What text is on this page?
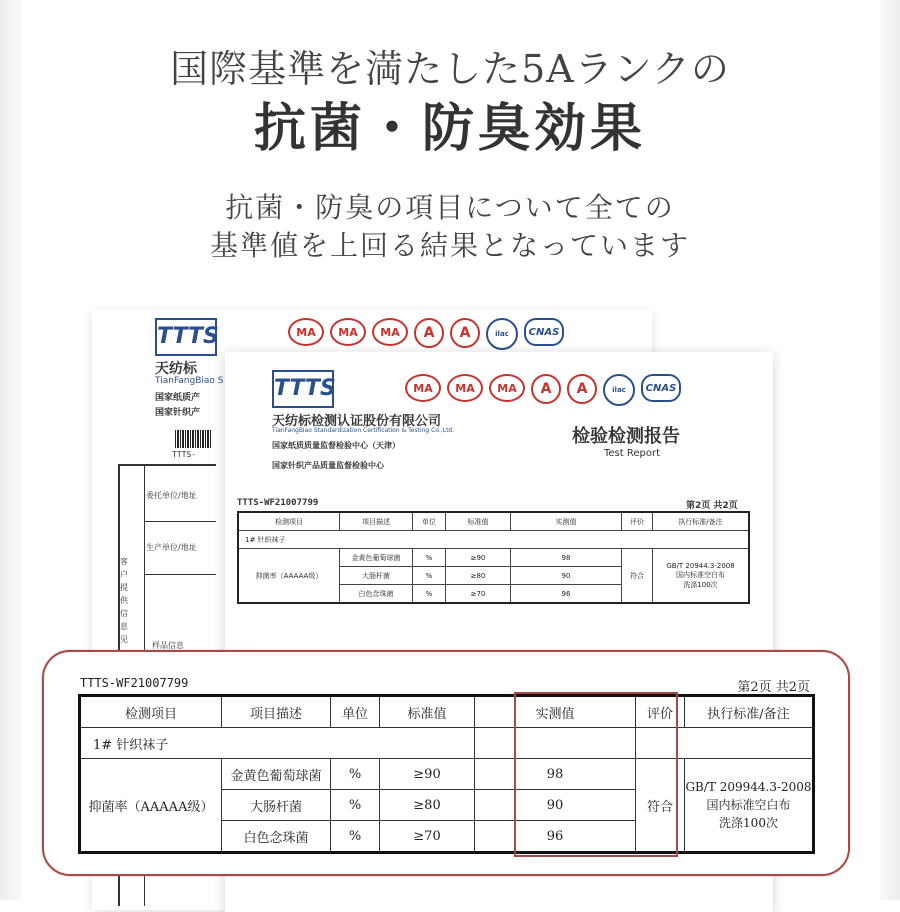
国際基準を満たした5Aランクの
抗菌・防臭効果
抗菌・防臭の項目について全ての
基準値を上回る結果となっています
TTTS
天纺标
TianFangBiao S
国家纸质产
国家针织产
TTTS-
委托单位/地址
生产单位/地址
样品信息
客户提供信息见
MA	MA	MA	A	A	ilac	CNAS
TTTS	MA	MA	MA	A	A	ilac	CNAS
天纺标检测认证股份有限公司
TianFangBiao Standardization Certification & Testing Co.,Ltd.
国家纸质质量监督检验中心（天津）
国家针织产品质量监督检验中心
检验检测报告
Test Report
TTTS-WF21007799	第2页 共2页
检测项目	项目描述	单位	标准值	实测值	评价	执行标准/备注
1# 针织袜子						
抑菌率（AAAAA级）	金黄色葡萄球菌	%	≥90	98	符合	GB/T 20944.3-2008
国内标准空白布
洗涤100次

	大肠杆菌	%	≥80	90		
	白色念珠菌	%	≥70	96		
TTTS-WF21007799	第2页 共2页
检测项目	项目描述	单位	标准值	实测值	评价	执行标准/备注
1# 针织袜子						
抑菌率（AAAAA级）	金黄色葡萄球菌	%	≥90	98	符合	GB/T 209944.3-2008
国内标准空白布
洗涤100次

	大肠杆菌	%	≥80	90		
	白色念珠菌	%	≥70	96		
